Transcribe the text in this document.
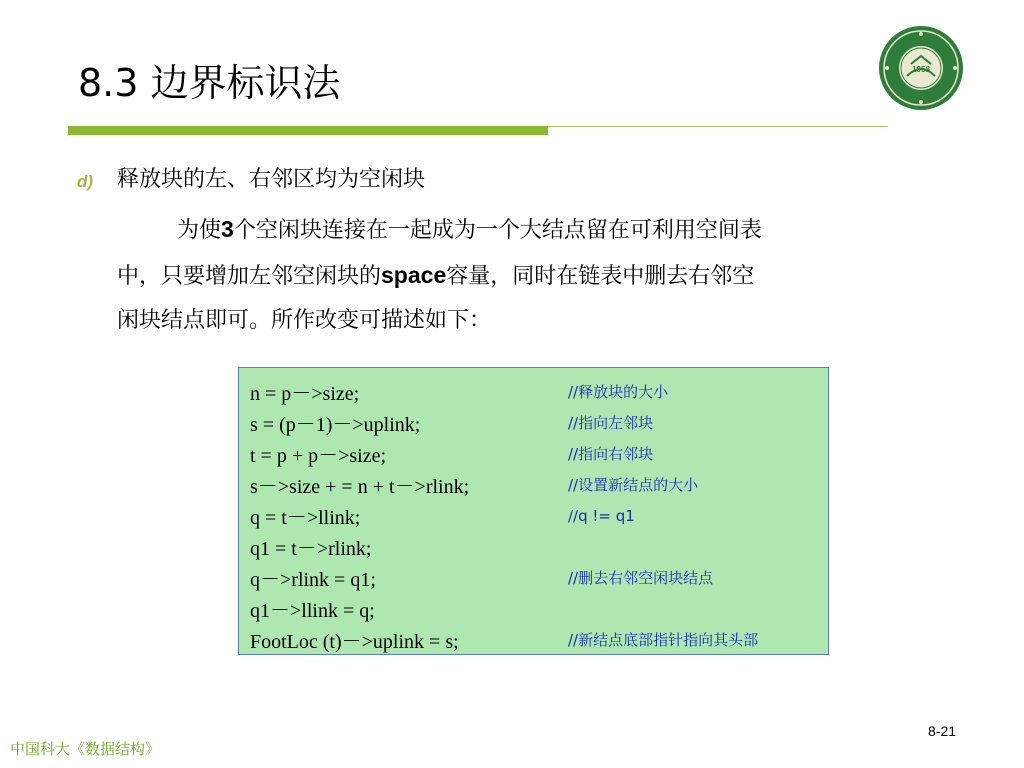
8.3 边界标识法	1958
d) 释放块的左、右邻区均为空闲块
为使3个空闲块连接在一起成为一个大结点留在可利用空间表
中，只要增加左邻空闲块的space容量，同时在链表中删去右邻空
闲块结点即可。所作改变可描述如下：
n = p－>size;	//释放块的大小
s = (p－1)－>uplink;	//指向左邻块
t = p + p－>size;	//指向右邻块
s－>size + = n + t－>rlink;	//设置新结点的大小
q = t－>llink;	//q != q1
q1 = t－>rlink;
q－>rlink = q1;	//删去右邻空闲块结点
q1－>llink = q;
FootLoc (t)－>uplink = s;	//新结点底部指针指向其头部
中国科大《数据结构》
8-21
